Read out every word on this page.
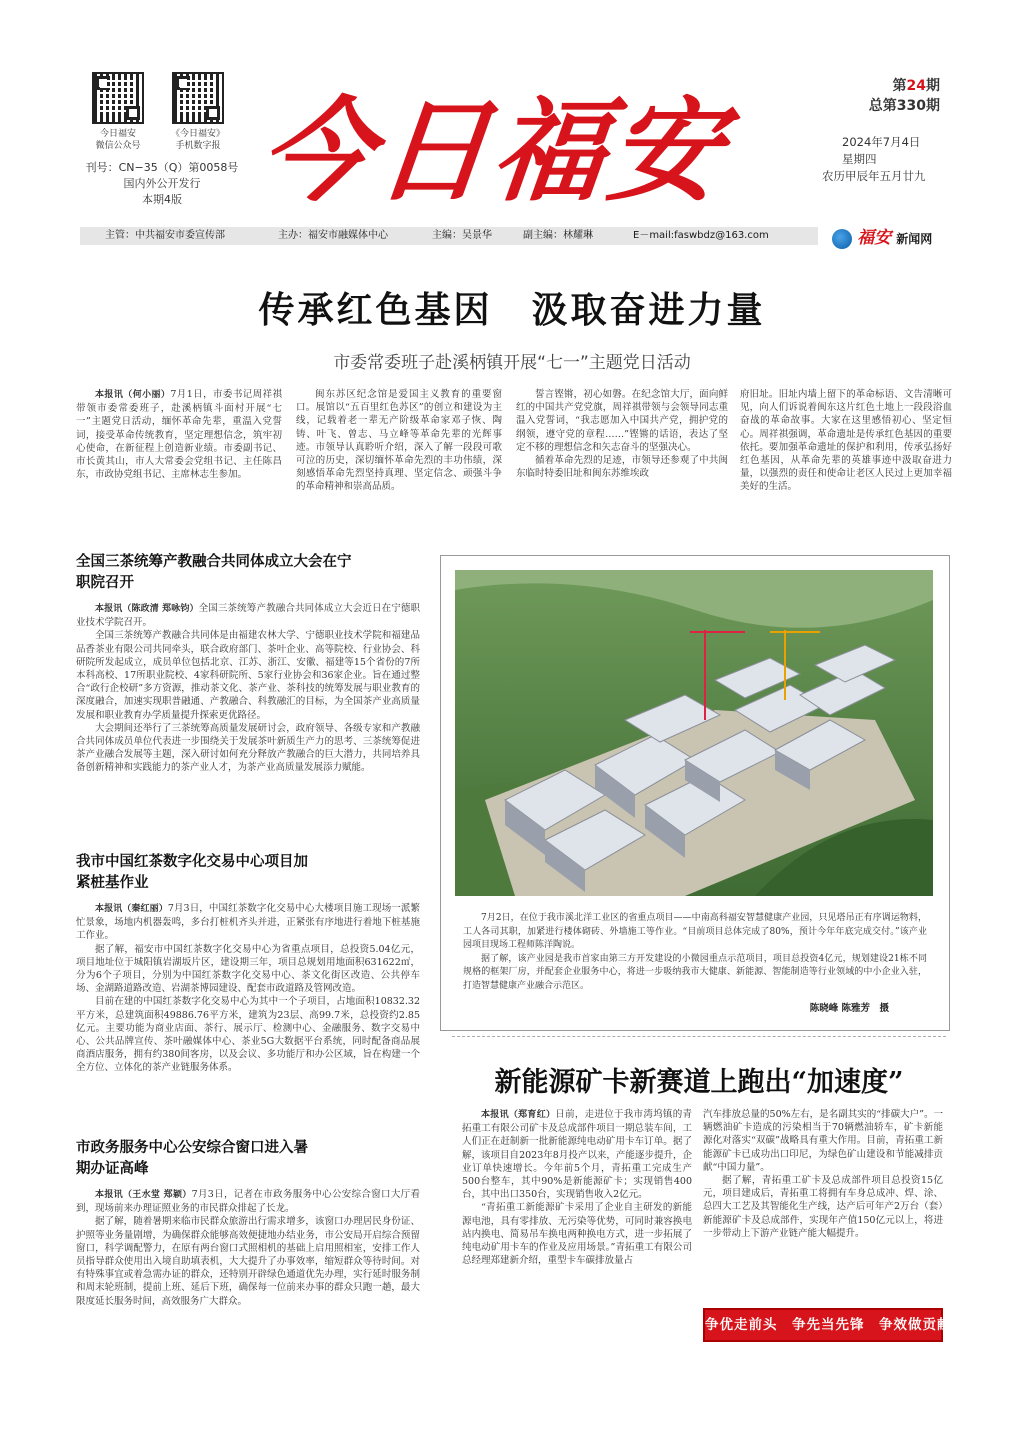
今日福安
微信公众号
《今日福安》
手机数字报
刊号：CN−35（Q）第0058号
国内外公开发行
本期4版 今日福安	第24期
总第330期
2024年7月4日
星期四
农历甲辰年五月廿九
主管：中共福安市委宣传部	主办：福安市融媒体中心	主编：吴景华	副主编：林耀琳	E－mail:faswbdz@163.com	福安 新闻网
传承红色基因　汲取奋进力量
市委常委班子赴溪柄镇开展“七一”主题党日活动

本报讯（何小丽）7月1日，市委书记周祥祺带领市委常委班子，赴溪柄镇斗面村开展“七一”主题党日活动，缅怀革命先辈，重温入党誓词，接受革命传统教育，坚定理想信念，筑牢初心使命，在新征程上创造新业绩。市委副书记、市长黄其山，市人大常委会党组书记、主任陈昌东，市政协党组书记、主席林志生参加。

闽东苏区纪念馆是爱国主义教育的重要窗口。展馆以“五百里红色苏区”的创立和建设为主线，记载着老一辈无产阶级革命家邓子恢、陶铸、叶飞、曾志、马立峰等革命先辈的光辉事迹。市领导认真聆听介绍，深入了解一段段可歌可泣的历史，深切缅怀革命先烈的丰功伟绩，深刻感悟革命先烈坚持真理、坚定信念、顽强斗争的革命精神和崇高品质。

誓言铿锵，初心如磐。在纪念馆大厅，面向鲜红的中国共产党党旗，周祥祺带领与会领导同志重温入党誓词，“我志愿加入中国共产党，拥护党的纲领，遵守党的章程……”铿锵的话语，表达了坚定不移的理想信念和矢志奋斗的坚强决心。

循着革命先烈的足迹，市领导还参观了中共闽东临时特委旧址和闽东苏维埃政

府旧址。旧址内墙上留下的革命标语、文告清晰可见，向人们诉说着闽东这片红色土地上一段段浴血奋战的革命故事。大家在这里感悟初心、坚定恒心。周祥祺强调，革命遗址是传承红色基因的重要依托。要加强革命遗址的保护和利用，传承弘扬好红色基因，从革命先辈的英雄事迹中汲取奋进力量，以强烈的责任和使命让老区人民过上更加幸福美好的生活。

全国三茶统筹产教融合共同体成立大会在宁职院召开

本报讯（陈政清 郑咏钧）全国三茶统筹产教融合共同体成立大会近日在宁德职业技术学院召开。

全国三茶统筹产教融合共同体是由福建农林大学、宁德职业技术学院和福建品品香茶业有限公司共同牵头，联合政府部门、茶叶企业、高等院校、行业协会、科研院所发起成立，成员单位包括北京、江苏、浙江、安徽、福建等15个省份的7所本科高校、17所职业院校、4家科研院所、5家行业协会和36家企业。旨在通过整合“政行企校研”多方资源，推动茶文化、茶产业、茶科技的统筹发展与职业教育的深度融合，加速实现职普融通、产教融合、科教融汇的目标，为全国茶产业高质量发展和职业教育办学质量提升探索更优路径。

大会期间还举行了三茶统筹高质量发展研讨会，政府领导、各级专家和产教融合共同体成员单位代表进一步围绕关于发展茶叶新质生产力的思考、三茶统筹促进茶产业融合发展等主题，深入研讨如何充分释放产教融合的巨大潜力，共同培养具备创新精神和实践能力的茶产业人才，为茶产业高质量发展添力赋能。

我市中国红茶数字化交易中心项目加紧桩基作业

本报讯（秦红丽）7月3日，中国红茶数字化交易中心大楼项目施工现场一派繁忙景象，场地内机器轰鸣，多台打桩机齐头并进，正紧张有序地进行着地下桩基施工作业。

据了解，福安市中国红茶数字化交易中心为省重点项目，总投资5.04亿元，项目地址位于城阳镇岩湖坂片区，建设期三年，项目总规划用地面积631622㎡，分为6个子项目，分别为中国红茶数字化交易中心、茶文化街区改造、公共停车场、金湖路道路改造、岩湖茶博园建设、配套市政道路及管网改造。

目前在建的中国红茶数字化交易中心为其中一个子项目，占地面积10832.32平方米，总建筑面积49886.76平方米，建筑为23层、高99.7米，总投资约2.85亿元。主要功能为商业店面、茶行、展示厅、检测中心、金融服务、数字交易中心、公共品牌宣传、茶叶融媒体中心、茶业5G大数据平台系统，同时配备商品展商酒店服务，拥有约380间客房，以及会议、多功能厅和办公区域，旨在构建一个全方位、立体化的茶产业链服务体系。

市政务服务中心公安综合窗口进入暑期办证高峰

本报讯（王水堂 郑颖）7月3日，记者在市政务服务中心公安综合窗口大厅看到，现场前来办理证照业务的市民群众排起了长龙。

据了解，随着暑期来临市民群众旅游出行需求增多，该窗口办理居民身份证、护照等业务量剧增，为确保群众能够高效便捷地办结业务，市公安局开启综合预留窗口，科学调配警力，在原有两台窗口式照相机的基础上启用照相室，安排工作人员指导群众使用出入境自助填表机，大大提升了办事效率，缩短群众等待时间。对有特殊事宜或着急需办证的群众，还特别开辟绿色通道优先办理，实行延时服务制和周末轮班制，提前上班、延后下班，确保每一位前来办事的群众只跑一趟，最大限度延长服务时间，高效服务广大群众。

7月2日，在位于我市溪北洋工业区的省重点项目——中南高科福安智慧健康产业园，只见塔吊正有序调运物料，工人各司其职，加紧进行楼体砌砖、外墙施工等作业。“目前项目总体完成了80%，预计今年年底完成交付。”该产业园项目现场工程师陈洋陶说。

据了解，该产业园是我市首家由第三方开发建设的小微园重点示范项目，项目总投资4亿元，规划建设21栋不同规格的框架厂房，并配套企业服务中心，将进一步吸纳我市大健康、新能源、智能制造等行业领域的中小企业入驻，打造智慧健康产业融合示范区。

陈晓峰 陈雅芳　摄
新能源矿卡新赛道上跑出“加速度”

本报讯（郑育红）日前，走进位于我市湾坞镇的青拓重工有限公司矿卡及总成部件项目一期总装车间，工人们正在赶制新一批新能源纯电动矿用卡车订单。据了解，该项目自2023年8月投产以来，产能逐步提升，企业订单快速增长。今年前5个月，青拓重工完成生产500台整车，其中90%是新能源矿卡；实现销售400台，其中出口350台，实现销售收入2亿元。

“青拓重工新能源矿卡采用了企业自主研发的新能源电池，具有零排放、无污染等优势，可同时兼容换电站内换电、简易吊车换电两种换电方式，进一步拓展了纯电动矿用卡车的作业及应用场景。”青拓重工有限公司总经理郑建新介绍，重型卡车碳排放量占

汽车排放总量的50%左右，是名副其实的“排碳大户”。一辆燃油矿卡造成的污染相当于70辆燃油轿车，矿卡新能源化对落实“双碳”战略具有重大作用。目前，青拓重工新能源矿卡已成功出口印尼，为绿色矿山建设和节能减排贡献“中国力量”。

据了解，青拓重工矿卡及总成部件项目总投资15亿元，项目建成后，青拓重工将拥有车身总成冲、焊、涂、总四大工艺及其智能化生产线，达产后可年产2万台（套）新能源矿卡及总成部件，实现年产值150亿元以上，将进一步带动上下游产业链产能大幅提升。

争优走前头　争先当先锋　争效做贡献
